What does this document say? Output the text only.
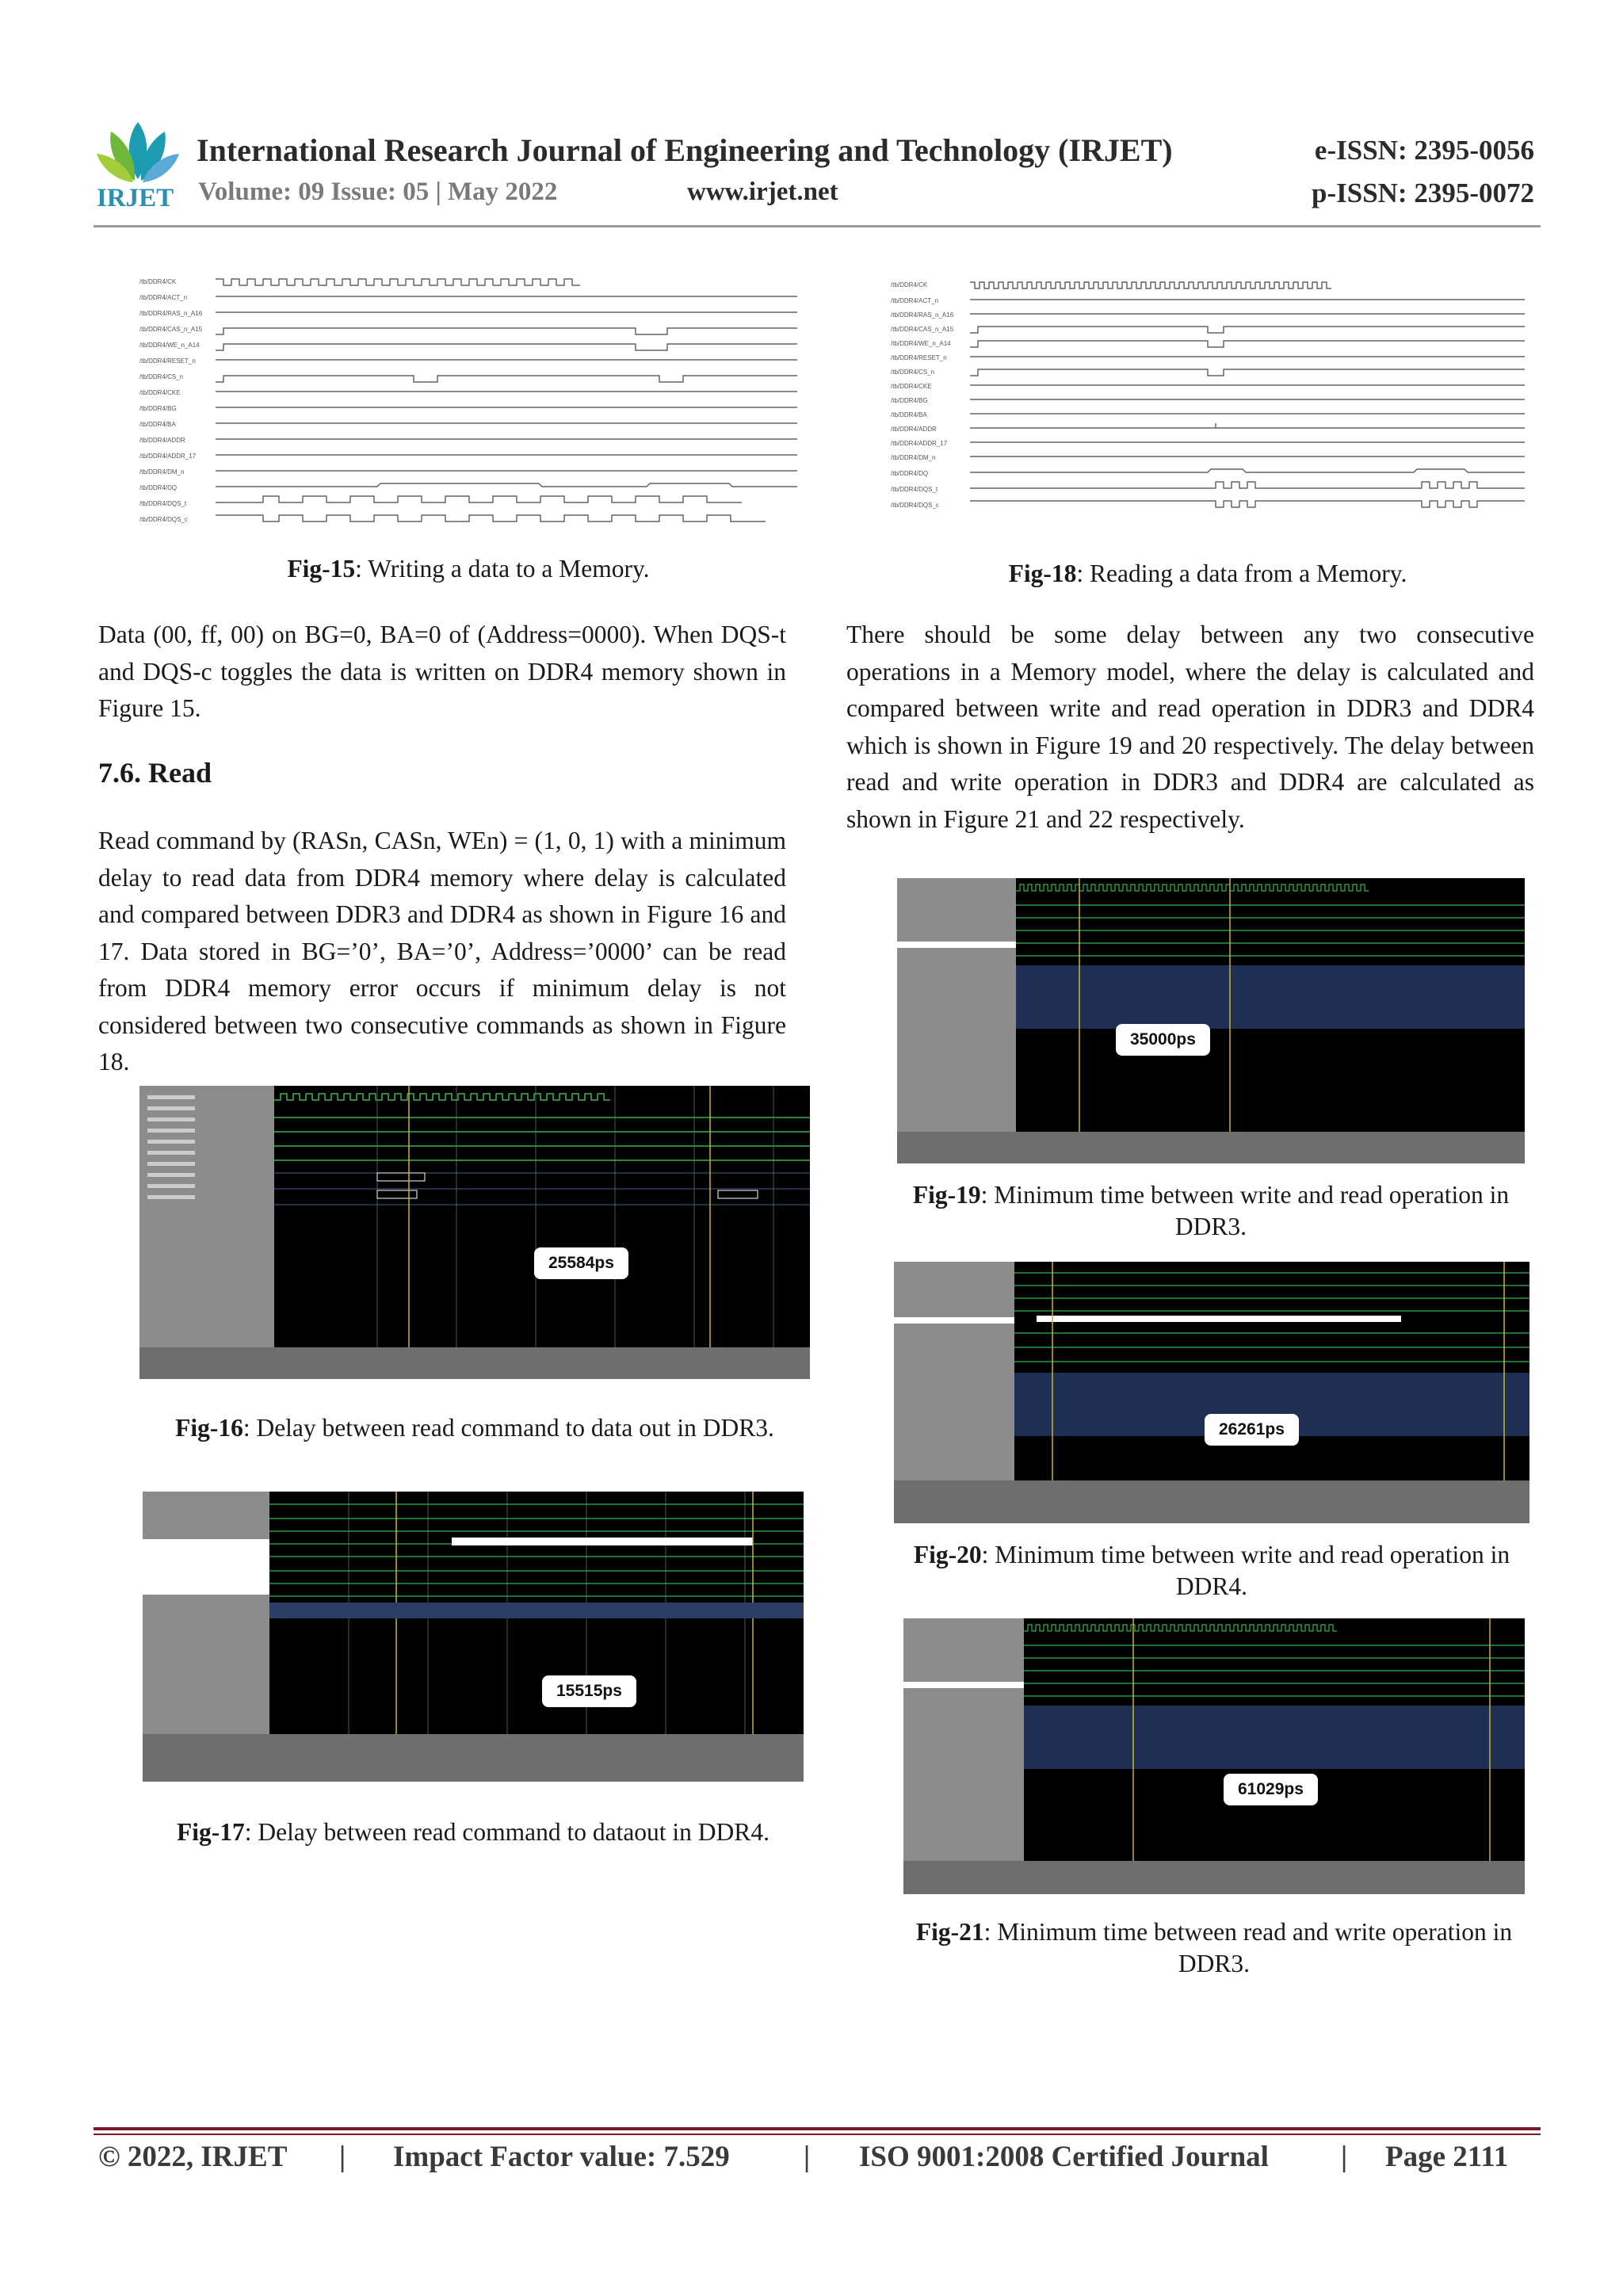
IRJET
International Research Journal of Engineering and Technology (IRJET)	e-ISSN: 2395-0056
Volume: 09 Issue: 05 | May 2022	www.irjet.net	p-ISSN: 2395-0072
/tb/DDR4/CK
/tb/DDR4/ACT_n
/tb/DDR4/RAS_n_A16
/tb/DDR4/CAS_n_A15
/tb/DDR4/WE_n_A14
/tb/DDR4/RESET_n
/tb/DDR4/CS_n
/tb/DDR4/CKE
/tb/DDR4/BG
/tb/DDR4/BA
/tb/DDR4/ADDR
/tb/DDR4/ADDR_17
/tb/DDR4/DM_n
/tb/DDR4/DQ
/tb/DDR4/DQS_t
/tb/DDR4/DQS_c

Fig-15: Writing a data to a Memory.

Data (00, ff, 00) on BG=0, BA=0 of (Address=0000). When DQS-t and DQS-c toggles the data is written on DDR4 memory shown in Figure 15.

7.6. Read

Read command by (RASn, CASn, WEn) = (1, 0, 1) with a minimum delay to read data from DDR4 memory where delay is calculated and compared between DDR3 and DDR4 as shown in Figure 16 and 17. Data stored in BG=’0’, BA=’0’, Address=’0000’ can be read from DDR4 memory error occurs if minimum delay is not considered between two consecutive commands as shown in Figure 18.

25584ps

Fig-16: Delay between read command to data out in DDR3.

15515ps

Fig-17: Delay between read command to dataout in DDR4.

/tb/DDR4/CK
/tb/DDR4/ACT_n
/tb/DDR4/RAS_n_A16
/tb/DDR4/CAS_n_A15
/tb/DDR4/WE_n_A14
/tb/DDR4/RESET_n
/tb/DDR4/CS_n
/tb/DDR4/CKE
/tb/DDR4/BG
/tb/DDR4/BA
/tb/DDR4/ADDR
/tb/DDR4/ADDR_17
/tb/DDR4/DM_n
/tb/DDR4/DQ
/tb/DDR4/DQS_t
/tb/DDR4/DQS_c

Fig-18: Reading a data from a Memory.

There should be some delay between any two consecutive operations in a Memory model, where the delay is calculated and compared between write and read operation in DDR3 and DDR4 which is shown in Figure 19 and 20 respectively. The delay between read and write operation in DDR3 and DDR4 are calculated as shown in Figure 21 and 22 respectively.

35000ps

Fig-19: Minimum time between write and read operation in DDR3.

26261ps

Fig-20: Minimum time between write and read operation in DDR4.

61029ps

Fig-21: Minimum time between read and write operation in DDR3.

© 2022, IRJET | Impact Factor value: 7.529	| ISO 9001:2008 Certified Journal | Page 2111
